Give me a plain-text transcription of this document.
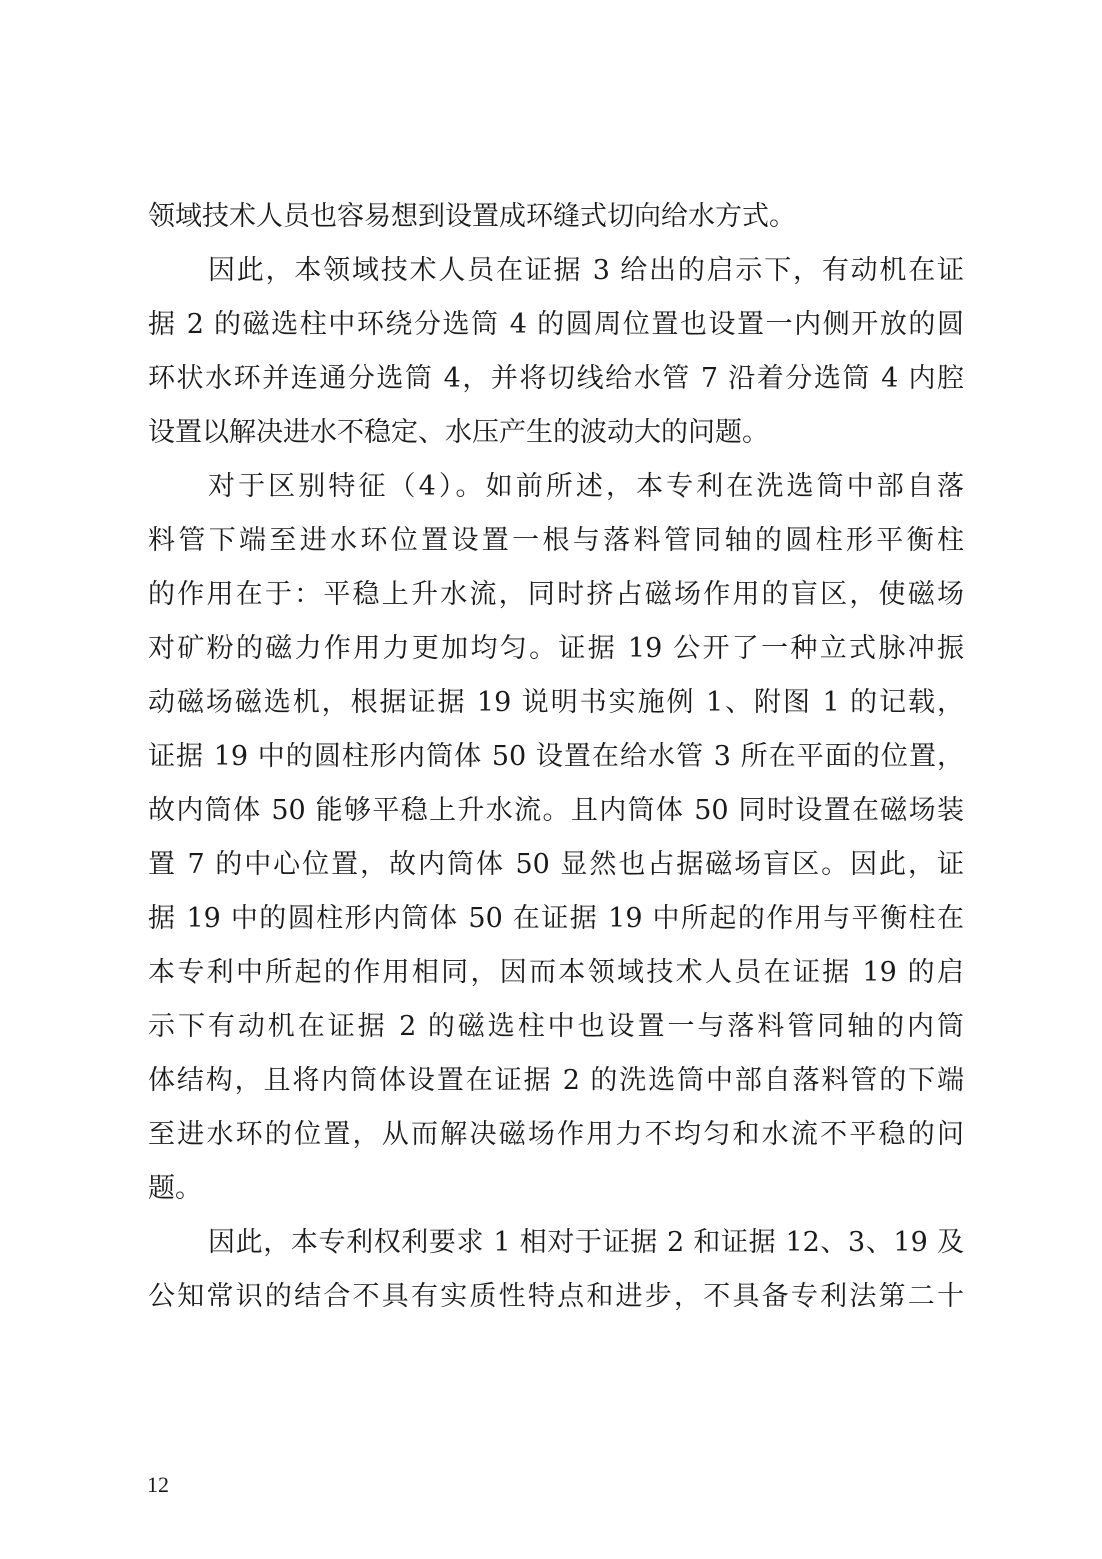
领域技术人员也容易想到设置成环缝式切向给水方式。
因此，本领域技术人员在证据 3 给出的启示下，有动机在证
据 2 的磁选柱中环绕分选筒 4 的圆周位置也设置一内侧开放的圆
环状水环并连通分选筒 4，并将切线给水管 7 沿着分选筒 4 内腔
设置以解决进水不稳定、水压产生的波动大的问题。
对于区别特征（4）。如前所述，本专利在洗选筒中部自落
料管下端至进水环位置设置一根与落料管同轴的圆柱形平衡柱
的作用在于：平稳上升水流，同时挤占磁场作用的盲区，使磁场
对矿粉的磁力作用力更加均匀。证据 19 公开了一种立式脉冲振
动磁场磁选机，根据证据 19 说明书实施例 1、附图 1 的记载，
证据 19 中的圆柱形内筒体 50 设置在给水管 3 所在平面的位置，
故内筒体 50 能够平稳上升水流。且内筒体 50 同时设置在磁场装
置 7 的中心位置，故内筒体 50 显然也占据磁场盲区。因此，证
据 19 中的圆柱形内筒体 50 在证据 19 中所起的作用与平衡柱在
本专利中所起的作用相同，因而本领域技术人员在证据 19 的启
示下有动机在证据 2 的磁选柱中也设置一与落料管同轴的内筒
体结构，且将内筒体设置在证据 2 的洗选筒中部自落料管的下端
至进水环的位置，从而解决磁场作用力不均匀和水流不平稳的问
题。
因此，本专利权利要求 1 相对于证据 2 和证据 12、3、19 及
公知常识的结合不具有实质性特点和进步，不具备专利法第二十
12
